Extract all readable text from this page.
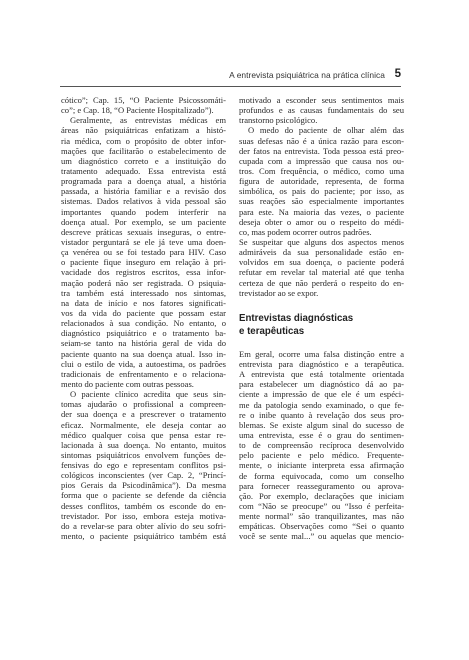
A entrevista psiquiátrica na prática clínica 5
cótico”; Cap. 15, “O Paciente Psicossomáti-
co”; e Cap. 18, “O Paciente Hospitalizado”).
Geralmente, as entrevistas médicas em
áreas não psiquiátricas enfatizam a histó-
ria médica, com o propósito de obter infor-
mações que facilitarão o estabelecimento de
um diagnóstico correto e a instituição do
tratamento adequado. Essa entrevista está
programada para a doença atual, a história
passada, a história familiar e a revisão dos
sistemas. Dados relativos à vida pessoal são
importantes quando podem interferir na
doença atual. Por exemplo, se um paciente
descreve práticas sexuais inseguras, o entre-
vistador perguntará se ele já teve uma doen-
ça venérea ou se foi testado para HIV. Caso
o paciente fique inseguro em relação à pri-
vacidade dos registros escritos, essa infor-
mação poderá não ser registrada. O psiquia-
tra também está interessado nos sintomas,
na data de início e nos fatores significati-
vos da vida do paciente que possam estar
relacionados à sua condição. No entanto, o
diagnóstico psiquiátrico e o tratamento ba-
seiam-se tanto na história geral de vida do
paciente quanto na sua doença atual. Isso in-
clui o estilo de vida, a autoestima, os padrões
tradicionais de enfrentamento e o relaciona-
mento do paciente com outras pessoas.
O paciente clínico acredita que seus sin-
tomas ajudarão o profissional a compreen-
der sua doença e a prescrever o tratamento
eficaz. Normalmente, ele deseja contar ao
médico qualquer coisa que pensa estar re-
lacionada à sua doença. No entanto, muitos
sintomas psiquiátricos envolvem funções de-
fensivas do ego e representam conflitos psi-
cológicos inconscientes (ver Cap. 2, “Princí-
pios Gerais da Psicodinâmica”). Da mesma
forma que o paciente se defende da ciência
desses conflitos, também os esconde do en-
trevistador. Por isso, embora esteja motiva-
do a revelar-se para obter alívio do seu sofri-
mento, o paciente psiquiátrico também está
motivado a esconder seus sentimentos mais
profundos e as causas fundamentais do seu
transtorno psicológico.
O medo do paciente de olhar além das
suas defesas não é a única razão para escon-
der fatos na entrevista. Toda pessoa está preo-
cupada com a impressão que causa nos ou-
tros. Com frequência, o médico, como uma
figura de autoridade, representa, de forma
simbólica, os pais do paciente; por isso, as
suas reações são especialmente importantes
para este. Na maioria das vezes, o paciente
deseja obter o amor ou o respeito do médi-
co, mas podem ocorrer outros padrões.
Se suspeitar que alguns dos aspectos menos
admiráveis da sua personalidade estão en-
volvidos em sua doença, o paciente poderá
refutar em revelar tal material até que tenha
certeza de que não perderá o respeito do en-
trevistador ao se expor.
Entrevistas diagnósticas
e terapêuticas
Em geral, ocorre uma falsa distinção entre a
entrevista para diagnóstico e a terapêutica.
A entrevista que está totalmente orientada
para estabelecer um diagnóstico dá ao pa-
ciente a impressão de que ele é um espéci-
me da patologia sendo examinado, o que fe-
re o inibe quanto à revelação dos seus pro-
blemas. Se existe algum sinal do sucesso de
uma entrevista, esse é o grau do sentimen-
to de compreensão recíproca desenvolvido
pelo paciente e pelo médico. Frequente-
mente, o iniciante interpreta essa afirmação
de forma equivocada, como um conselho
para fornecer reasseguramento ou aprova-
ção. Por exemplo, declarações que iniciam
com “Não se preocupe” ou “Isso é perfeita-
mente normal” são tranquilizantes, mas não
empáticas. Observações como “Sei o quanto
você se sente mal...” ou aquelas que mencio-
